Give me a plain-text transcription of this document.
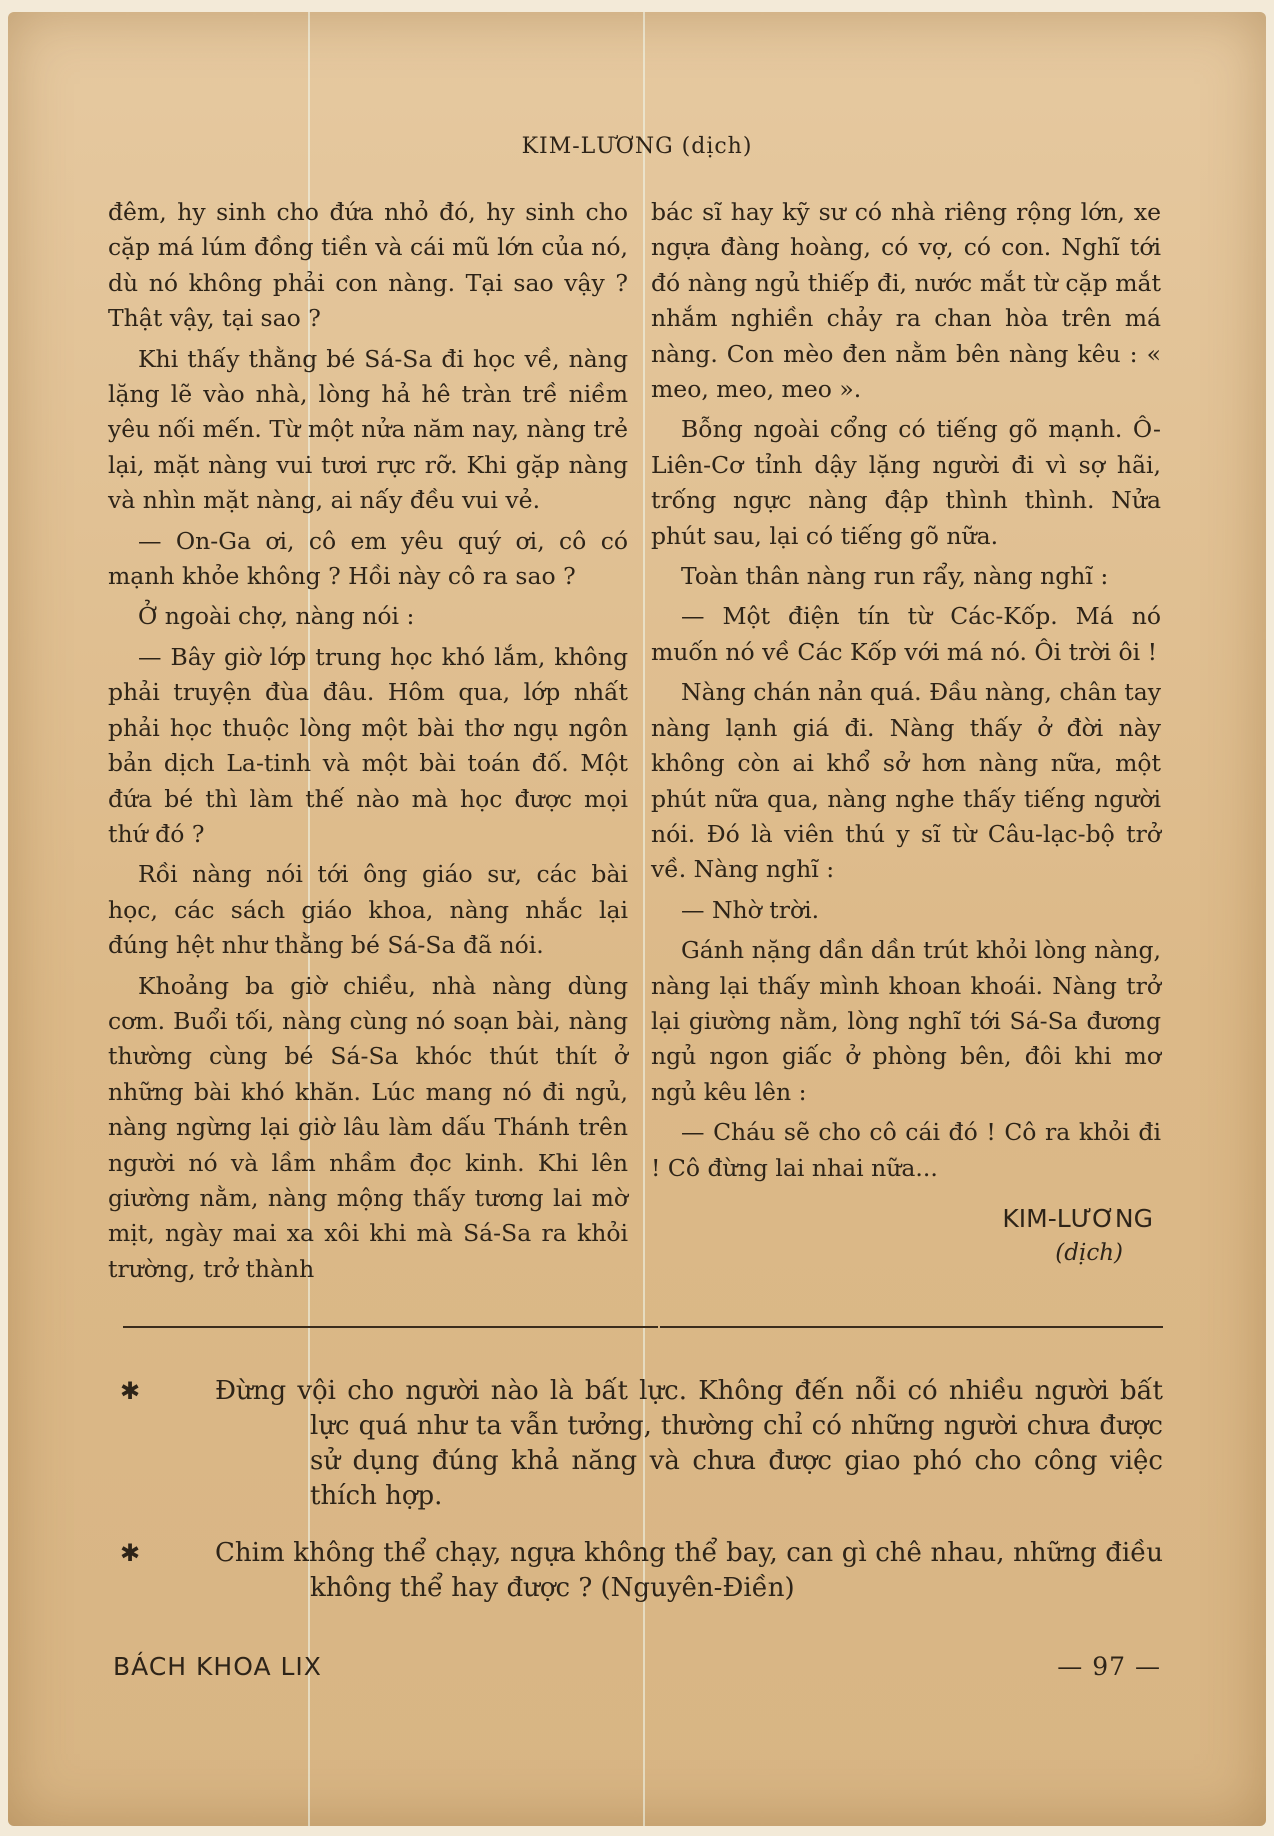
KIM-LƯƠNG (dịch)

đêm, hy sinh cho đứa nhỏ đó, hy sinh cho cặp má lúm đồng tiền và cái mũ lớn của nó, dù nó không phải con nàng. Tại sao vậy ? Thật vậy, tại sao ?

Khi thấy thằng bé Sá-Sa đi học về, nàng lặng lẽ vào nhà, lòng hả hê tràn trề niềm yêu nối mến. Từ một nửa năm nay, nàng trẻ lại, mặt nàng vui tươi rực rỡ. Khi gặp nàng và nhìn mặt nàng, ai nấy đều vui vẻ.

— On-Ga ơi, cô em yêu quý ơi, cô có mạnh khỏe không ? Hồi này cô ra sao ?

Ở ngoài chợ, nàng nói :

— Bây giờ lớp trung học khó lắm, không phải truyện đùa đâu. Hôm qua, lớp nhất phải học thuộc lòng một bài thơ ngụ ngôn bản dịch La-tinh và một bài toán đố. Một đứa bé thì làm thế nào mà học được mọi thứ đó ?

Rồi nàng nói tới ông giáo sư, các bài học, các sách giáo khoa, nàng nhắc lại đúng hệt như thằng bé Sá-Sa đã nói.

Khoảng ba giờ chiều, nhà nàng dùng cơm. Buổi tối, nàng cùng nó soạn bài, nàng thường cùng bé Sá-Sa khóc thút thít ở những bài khó khăn. Lúc mang nó đi ngủ, nàng ngừng lại giờ lâu làm dấu Thánh trên người nó và lầm nhầm đọc kinh. Khi lên giường nằm, nàng mộng thấy tương lai mờ mịt, ngày mai xa xôi khi mà Sá-Sa ra khỏi trường, trở thành

bác sĩ hay kỹ sư có nhà riêng rộng lớn, xe ngựa đàng hoàng, có vợ, có con. Nghĩ tới đó nàng ngủ thiếp đi, nước mắt từ cặp mắt nhắm nghiền chảy ra chan hòa trên má nàng. Con mèo đen nằm bên nàng kêu : « meo, meo, meo ».

Bỗng ngoài cổng có tiếng gõ mạnh. Ô-Liên-Cơ tỉnh dậy lặng người đi vì sợ hãi, trống ngực nàng đập thình thình. Nửa phút sau, lại có tiếng gõ nữa.

Toàn thân nàng run rẩy, nàng nghĩ :

— Một điện tín từ Các-Kốp. Má nó muốn nó về Các Kốp với má nó. Ôi trời ôi !

Nàng chán nản quá. Đầu nàng, chân tay nàng lạnh giá đi. Nàng thấy ở đời này không còn ai khổ sở hơn nàng nữa, một phút nữa qua, nàng nghe thấy tiếng người nói. Đó là viên thú y sĩ từ Câu-lạc-bộ trở về. Nàng nghĩ :

— Nhờ trời.

Gánh nặng dần dần trút khỏi lòng nàng, nàng lại thấy mình khoan khoái. Nàng trở lại giường nằm, lòng nghĩ tới Sá-Sa đương ngủ ngon giấc ở phòng bên, đôi khi mơ ngủ kêu lên :

— Cháu sẽ cho cô cái đó ! Cô ra khỏi đi ! Cô đừng lai nhai nữa...

KIM-LƯƠNG
(dịch)
✱	Đừng vội cho người nào là bất lực. Không đến nỗi có nhiều người bất lực quá như ta vẫn tưởng, thường chỉ có những người chưa được sử dụng đúng khả năng và chưa được giao phó cho công việc thích hợp.
✱	Chim không thể chạy, ngựa không thể bay, can gì chê nhau, những điều không thể hay được ? (Nguyên-Điền)
BÁCH KHOA LIX	— 97 —
